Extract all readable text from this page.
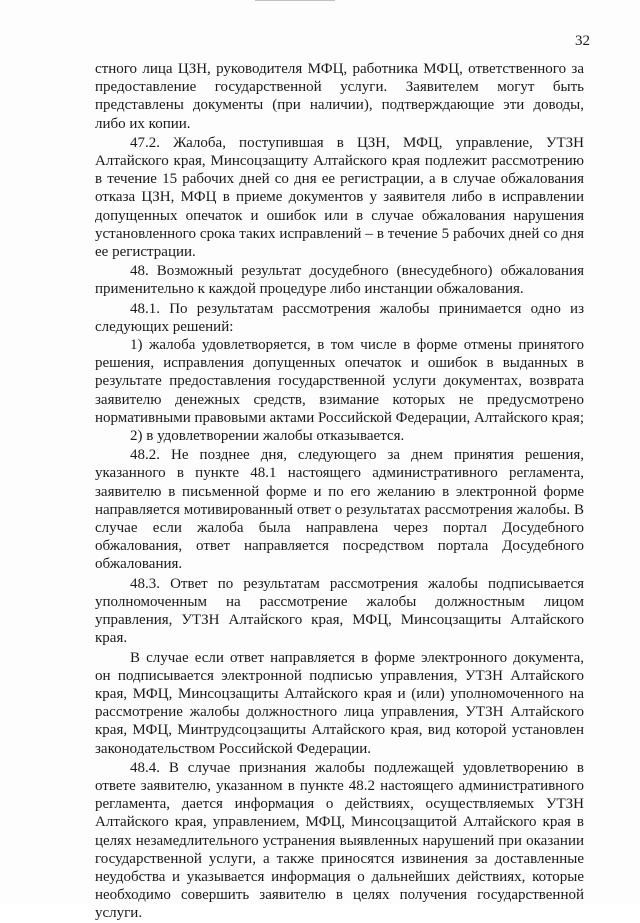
32

стного лица ЦЗН, руководителя МФЦ, работника МФЦ, ответственного за предоставление государственной услуги. Заявителем могут быть представлены документы (при наличии), подтверждающие эти доводы, либо их копии.

47.2. Жалоба, поступившая в ЦЗН, МФЦ, управление, УТЗН Алтайского края, Минсоцзащиту Алтайского края подлежит рассмотрению в течение 15 рабочих дней со дня ее регистрации, а в случае обжалования отказа ЦЗН, МФЦ в приеме документов у заявителя либо в исправлении допущенных опечаток и ошибок или в случае обжалования нарушения установленного срока таких исправлений – в течение 5 рабочих дней со дня ее регистрации.

48. Возможный результат досудебного (внесудебного) обжалования применительно к каждой процедуре либо инстанции обжалования.

48.1. По результатам рассмотрения жалобы принимается одно из следующих решений:

1) жалоба удовлетворяется, в том числе в форме отмены принятого решения, исправления допущенных опечаток и ошибок в выданных в результате предоставления государственной услуги документах, возврата заявителю денежных средств, взимание которых не предусмотрено нормативными правовыми актами Российской Федерации, Алтайского края;

2) в удовлетворении жалобы отказывается.

48.2. Не позднее дня, следующего за днем принятия решения, указанного в пункте 48.1 настоящего административного регламента, заявителю в письменной форме и по его желанию в электронной форме направляется мотивированный ответ о результатах рассмотрения жалобы. В случае если жалоба была направлена через портал Досудебного обжалования, ответ направляется посредством портала Досудебного обжалования.

48.3. Ответ по результатам рассмотрения жалобы подписывается уполномоченным на рассмотрение жалобы должностным лицом управления, УТЗН Алтайского края, МФЦ, Минсоцзащиты Алтайского края.

В случае если ответ направляется в форме электронного документа, он подписывается электронной подписью управления, УТЗН Алтайского края, МФЦ, Минсоцзащиты Алтайского края и (или) уполномоченного на рассмотрение жалобы должностного лица управления, УТЗН Алтайского края, МФЦ, Минтрудсоцзащиты Алтайского края, вид которой установлен законодательством Российской Федерации.

48.4. В случае признания жалобы подлежащей удовлетворению в ответе заявителю, указанном в пункте 48.2 настоящего административного регламента, дается информация о действиях, осуществляемых УТЗН Алтайского края, управлением, МФЦ, Минсоцзащитой Алтайского края в целях незамедлительного устранения выявленных нарушений при оказании государственной услуги, а также приносятся извинения за доставленные неудобства и указывается информация о дальнейших действиях, которые необходимо совершить заявителю в целях получения государственной услуги.
